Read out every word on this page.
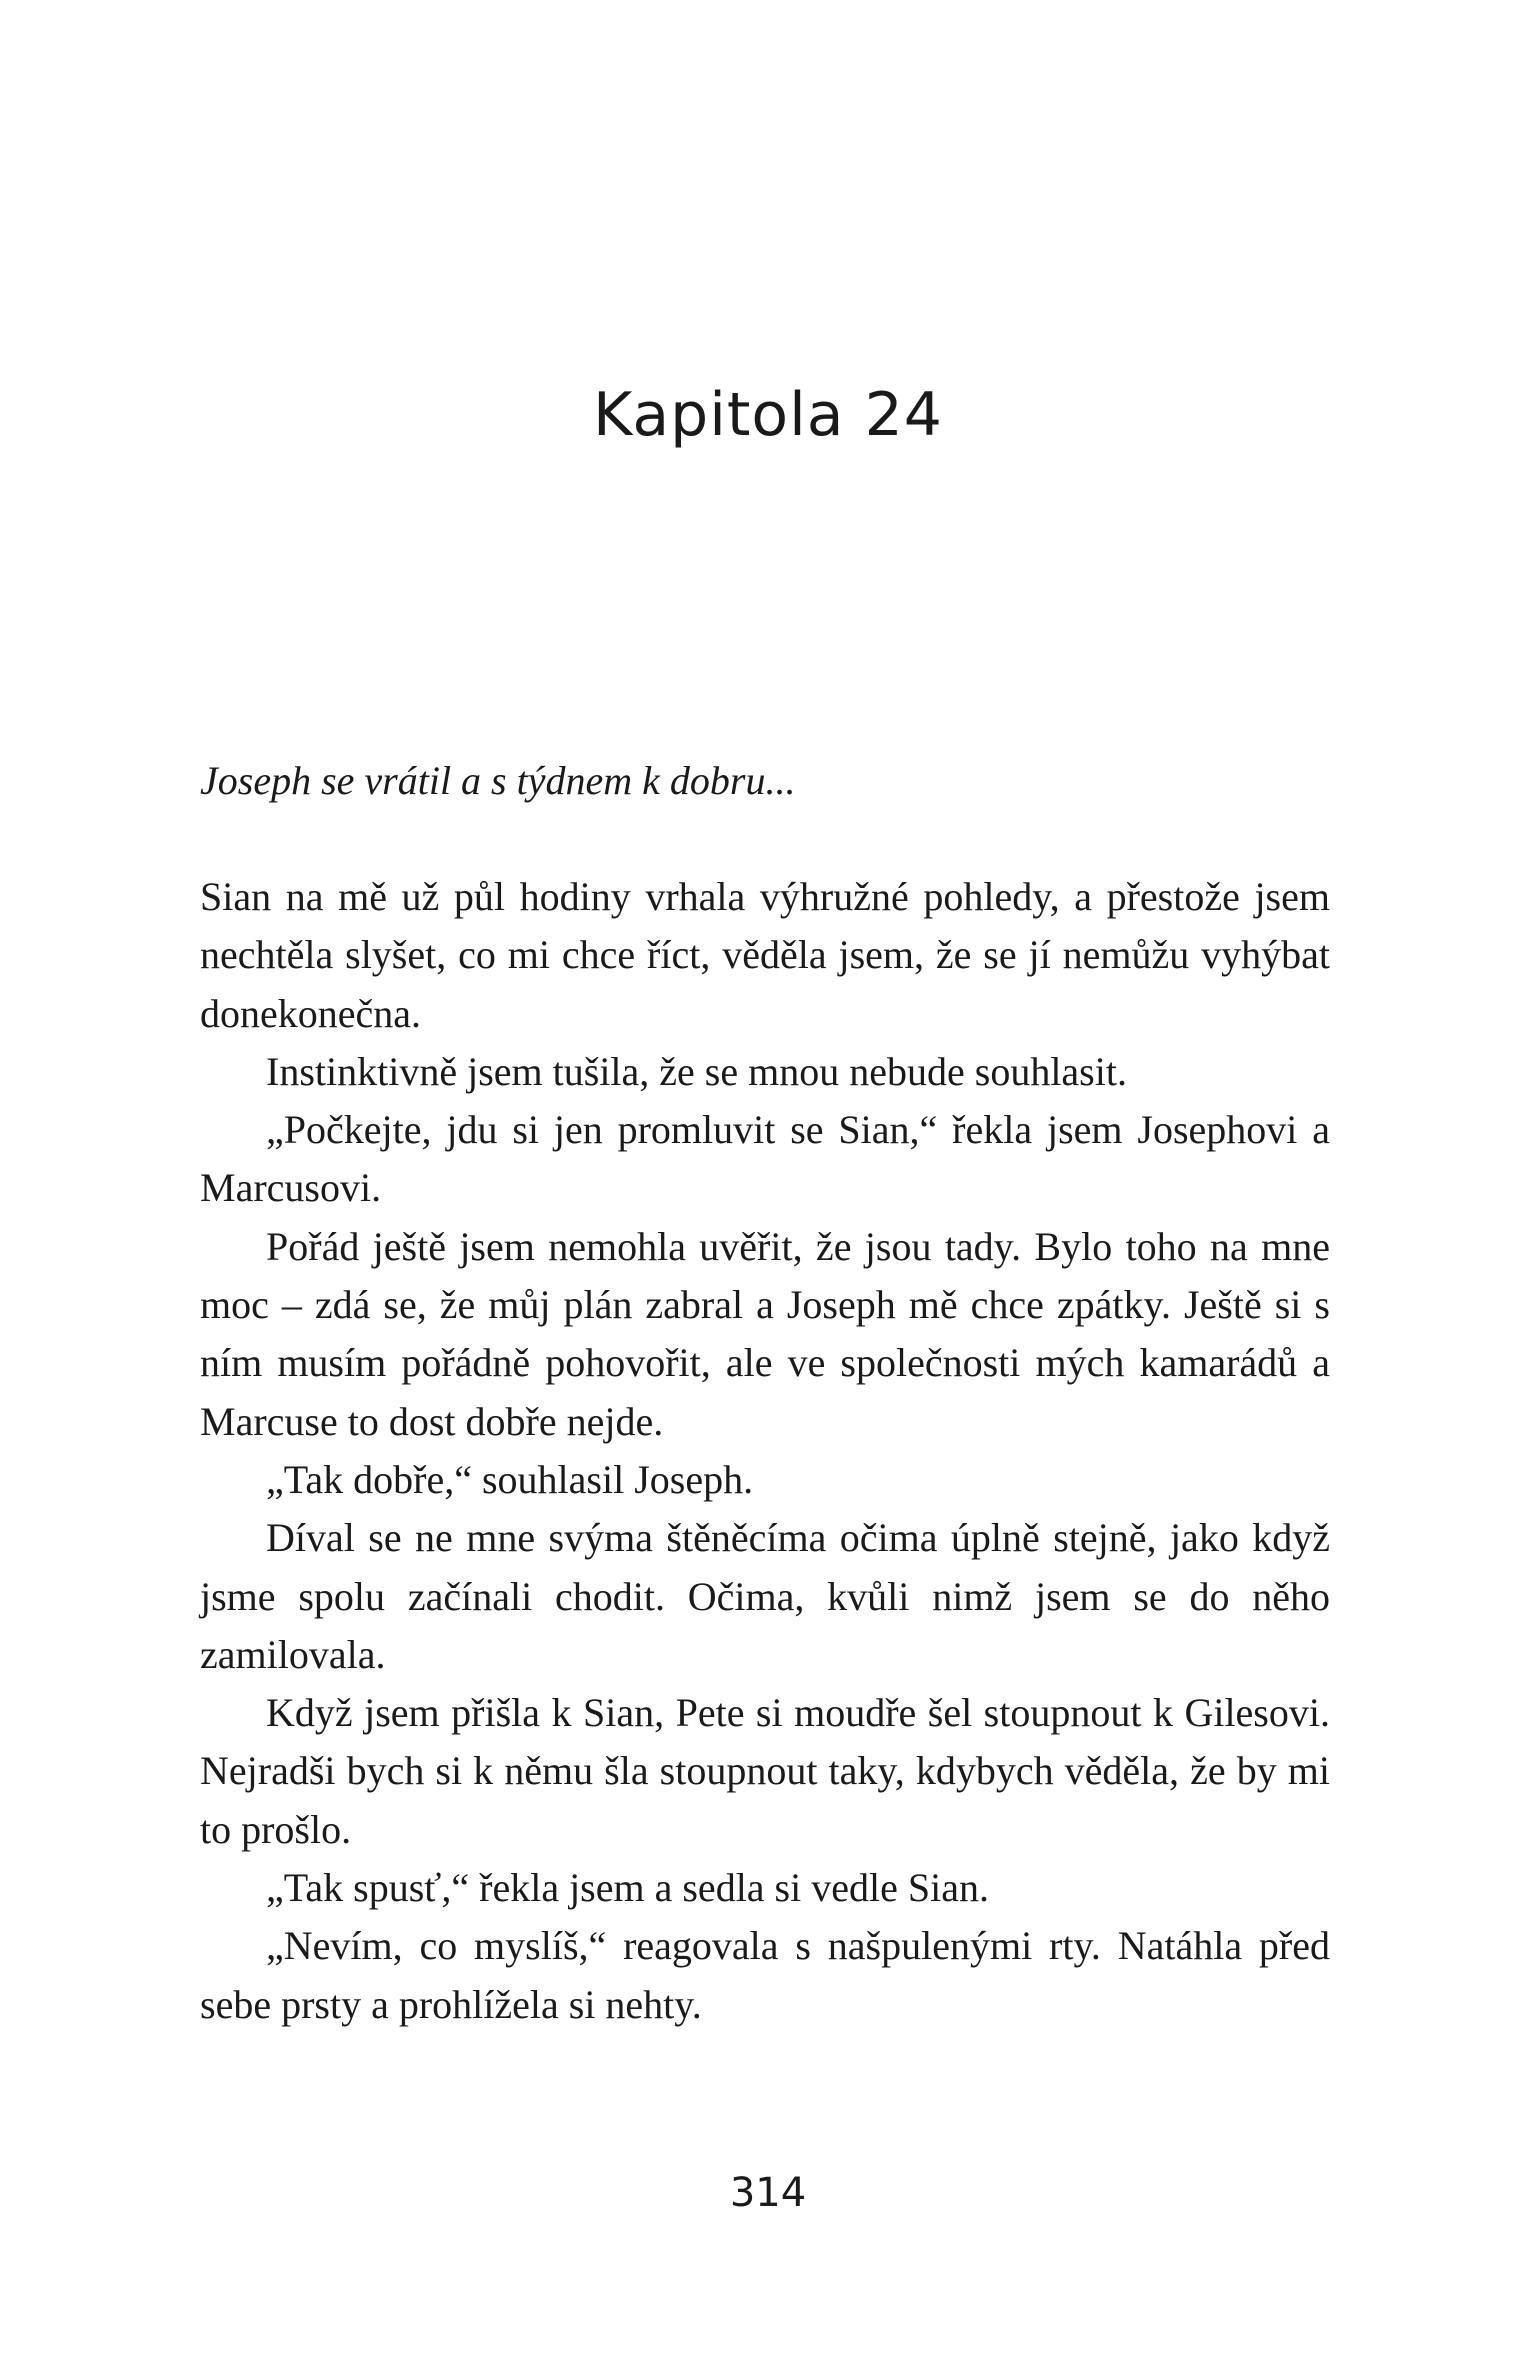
Kapitola 24

Joseph se vrátil a s týdnem k dobru...

Sian na mě už půl hodiny vrhala výhružné pohledy, a přestože jsem nechtěla slyšet, co mi chce říct, věděla jsem, že se jí nemůžu vyhýbat donekonečna.

Instinktivně jsem tušila, že se mnou nebude souhlasit.

„Počkejte, jdu si jen promluvit se Sian,“ řekla jsem Josephovi a Marcusovi.

Pořád ještě jsem nemohla uvěřit, že jsou tady. Bylo toho na mne moc – zdá se, že můj plán zabral a Joseph mě chce zpátky. Ještě si s ním musím pořádně pohovořit, ale ve společnosti mých kamarádů a Marcuse to dost dobře nejde.

„Tak dobře,“ souhlasil Joseph.

Díval se ne mne svýma štěněcíma očima úplně stejně, jako když jsme spolu začínali chodit. Očima, kvůli nimž jsem se do něho zamilovala.

Když jsem přišla k Sian, Pete si moudře šel stoupnout k Gilesovi. Nejradši bych si k němu šla stoupnout taky, kdybych věděla, že by mi to prošlo.

„Tak spusť,“ řekla jsem a sedla si vedle Sian.

„Nevím, co myslíš,“ reagovala s našpulenými rty. Natáhla před sebe prsty a prohlížela si nehty.

314
